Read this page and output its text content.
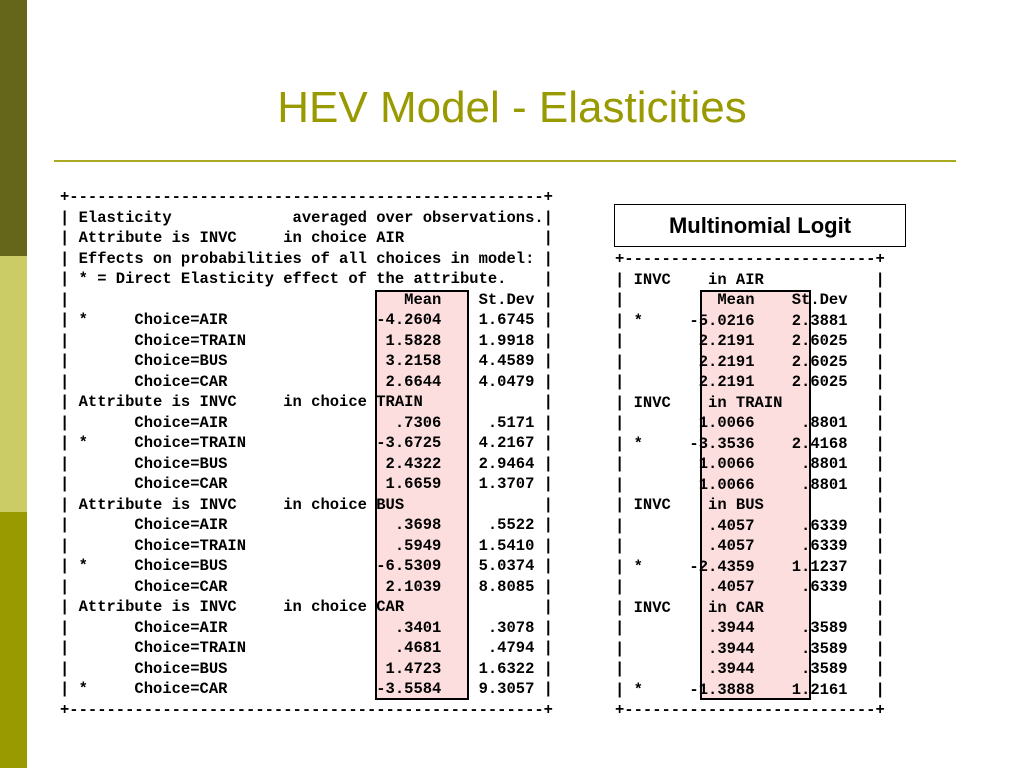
HEV Model - Elasticities
+---------------------------------------------------+
| Elasticity             averaged over observations.|
| Attribute is INVC     in choice AIR               |
| Effects on probabilities of all choices in model: |
| * = Direct Elasticity effect of the attribute.    |
|                                    Mean    St.Dev |
| *     Choice=AIR                -4.2604    1.6745 |
|       Choice=TRAIN               1.5828    1.9918 |
|       Choice=BUS                 3.2158    4.4589 |
|       Choice=CAR                 2.6644    4.0479 |
| Attribute is INVC     in choice TRAIN             |
|       Choice=AIR                  .7306     .5171 |
| *     Choice=TRAIN              -3.6725    4.2167 |
|       Choice=BUS                 2.4322    2.9464 |
|       Choice=CAR                 1.6659    1.3707 |
| Attribute is INVC     in choice BUS               |
|       Choice=AIR                  .3698     .5522 |
|       Choice=TRAIN                .5949    1.5410 |
| *     Choice=BUS                -6.5309    5.0374 |
|       Choice=CAR                 2.1039    8.8085 |
| Attribute is INVC     in choice CAR               |
|       Choice=AIR                  .3401     .3078 |
|       Choice=TRAIN                .4681     .4794 |
|       Choice=BUS                 1.4723    1.6322 |
| *     Choice=CAR                -3.5584    9.3057 |
+---------------------------------------------------+
+---------------------------+
| INVC    in AIR            |
|          Mean    St.Dev   |
| *     -5.0216    2.3881   |
|        2.2191    2.6025   |
|        2.2191    2.6025   |
|        2.2191    2.6025   |
| INVC    in TRAIN          |
|        1.0066     .8801   |
| *     -3.3536    2.4168   |
|        1.0066     .8801   |
|        1.0066     .8801   |
| INVC    in BUS            |
|         .4057     .6339   |
|         .4057     .6339   |
| *     -2.4359    1.1237   |
|         .4057     .6339   |
| INVC    in CAR            |
|         .3944     .3589   |
|         .3944     .3589   |
|         .3944     .3589   |
| *     -1.3888    1.2161   |
+---------------------------+
Multinomial Logit
